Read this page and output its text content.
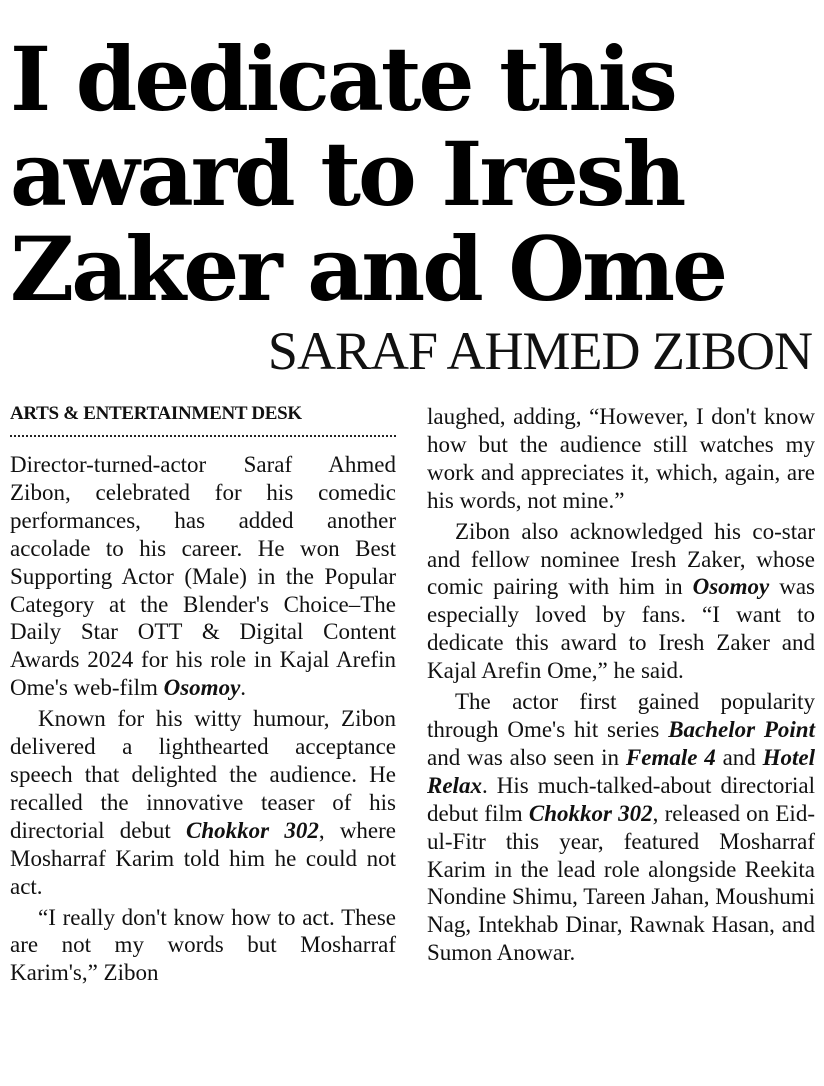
I dedicate this
award to Iresh
Zaker and Ome
SARAF AHMED ZIBON
ARTS & ENTERTAINMENT DESK

Director-turned-actor Saraf Ahmed Zibon, celebrated for his comedic performances, has added another accolade to his career. He won Best Supporting Actor (Male) in the Popular Category at the Blender's Choice–The Daily Star OTT & Digital Content Awards 2024 for his role in Kajal Arefin Ome's web-film Osomoy.

Known for his witty humour, Zibon delivered a lighthearted acceptance speech that delighted the audience. He recalled the innovative teaser of his directorial debut Chokkor 302, where Mosharraf Karim told him he could not act.

“I really don't know how to act. These are not my words but Mosharraf Karim's,” Zibon

laughed, adding, “However, I don't know how but the audience still watches my work and appreciates it, which, again, are his words, not mine.”

Zibon also acknowledged his co-star and fellow nominee Iresh Zaker, whose comic pairing with him in Osomoy was especially loved by fans. “I want to dedicate this award to Iresh Zaker and Kajal Arefin Ome,” he said.

The actor first gained popularity through Ome's hit series Bachelor Point and was also seen in Female 4 and Hotel Relax. His much-talked-about directorial debut film Chokkor 302, released on Eid-ul-Fitr this year, featured Mosharraf Karim in the lead role alongside Reekita Nondine Shimu, Tareen Jahan, Moushumi Nag, Intekhab Dinar, Rawnak Hasan, and Sumon Anowar.
